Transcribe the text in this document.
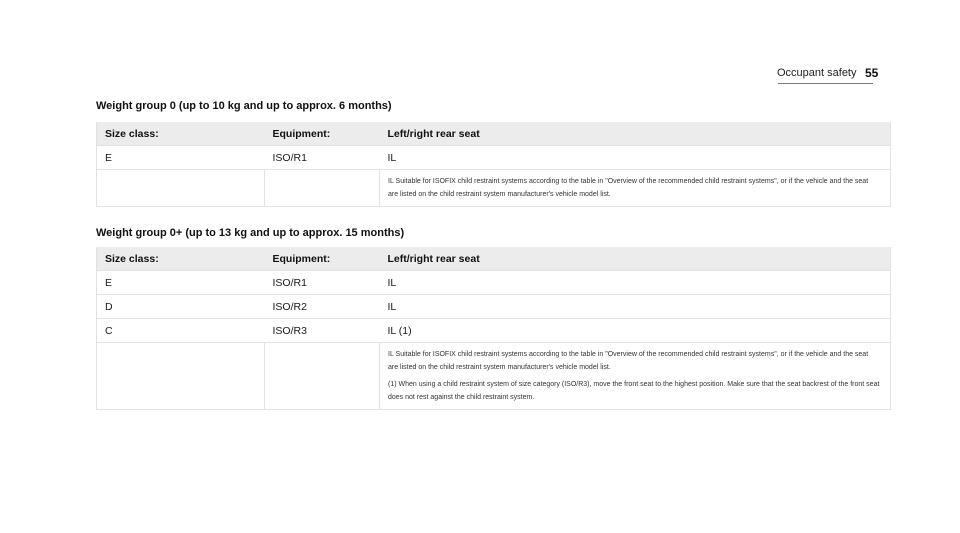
Occupant safety 55
Weight group 0 (up to 10 kg and up to approx. 6 months)
Size class:	Equipment:	Left/right rear seat
E	ISO/R1	IL

		IL Suitable for ISOFIX child restraint systems according to the table in "Overview of the recommended child restraint systems", or if the vehicle and the seat are listed on the child restraint system manufacturer's vehicle model list.

Weight group 0+ (up to 13 kg and up to approx. 15 months)
Size class:	Equipment:	Left/right rear seat
E	ISO/R1	IL
D	ISO/R2	IL
C	ISO/R3	IL (1)

		IL Suitable for ISOFIX child restraint systems according to the table in "Overview of the recommended child restraint systems", or if the vehicle and the seat are listed on the child restraint system manufacturer's vehicle model list.

(1) When using a child restraint system of size category (ISO/R3), move the front seat to the highest position. Make sure that the seat backrest of the front seat does not rest against the child restraint system.
